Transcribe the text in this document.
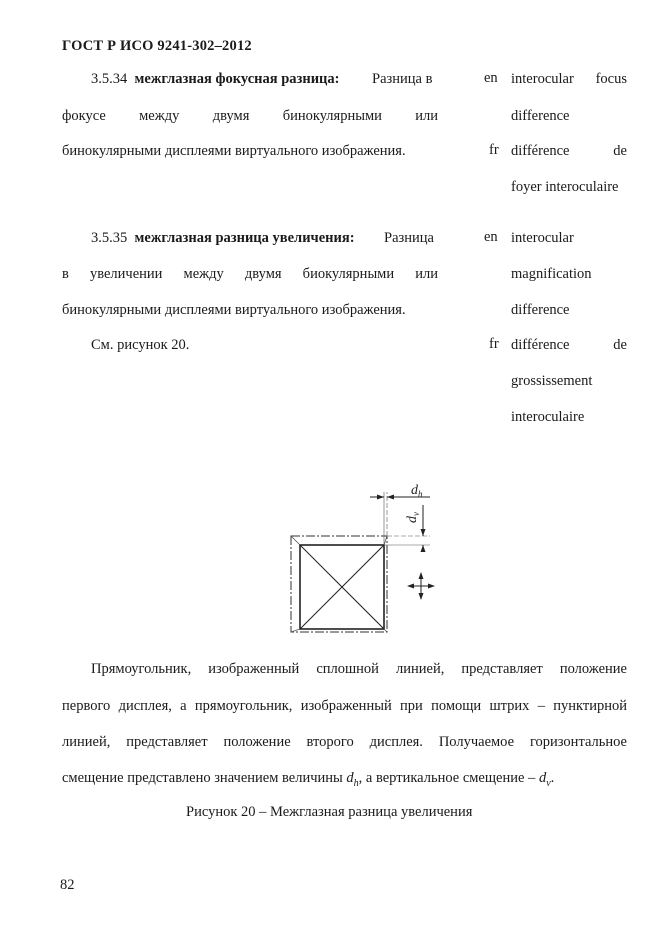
ГОСТ Р ИСО 9241-302–2012
3.5.34 межглазная фокусная разница: Разница в
фокусе между двумя бинокулярными или
бинокулярными дисплеями виртуального изображения.
en interocular focus
difference
fr différence de
foyer interoculaire
3.5.35 межглазная разница увеличения: Разница
в увеличении между двумя биокулярными или
бинокулярными дисплеями виртуального изображения.
См. рисунок 20.
en interocular
magnification
difference
fr différence de
grossissement
interoculaire
$d_h$
$d_v$
Прямоугольник, изображенный сплошной линией, представляет положение
первого дисплея, а прямоугольник, изображенный при помощи штрих – пунктирной
линией, представляет положение второго дисплея. Получаемое горизонтальное
смещение представлено значением величины $d_h$, а вертикальное смещение – $d_v$.
Рисунок 20 – Межглазная разница увеличения
82
